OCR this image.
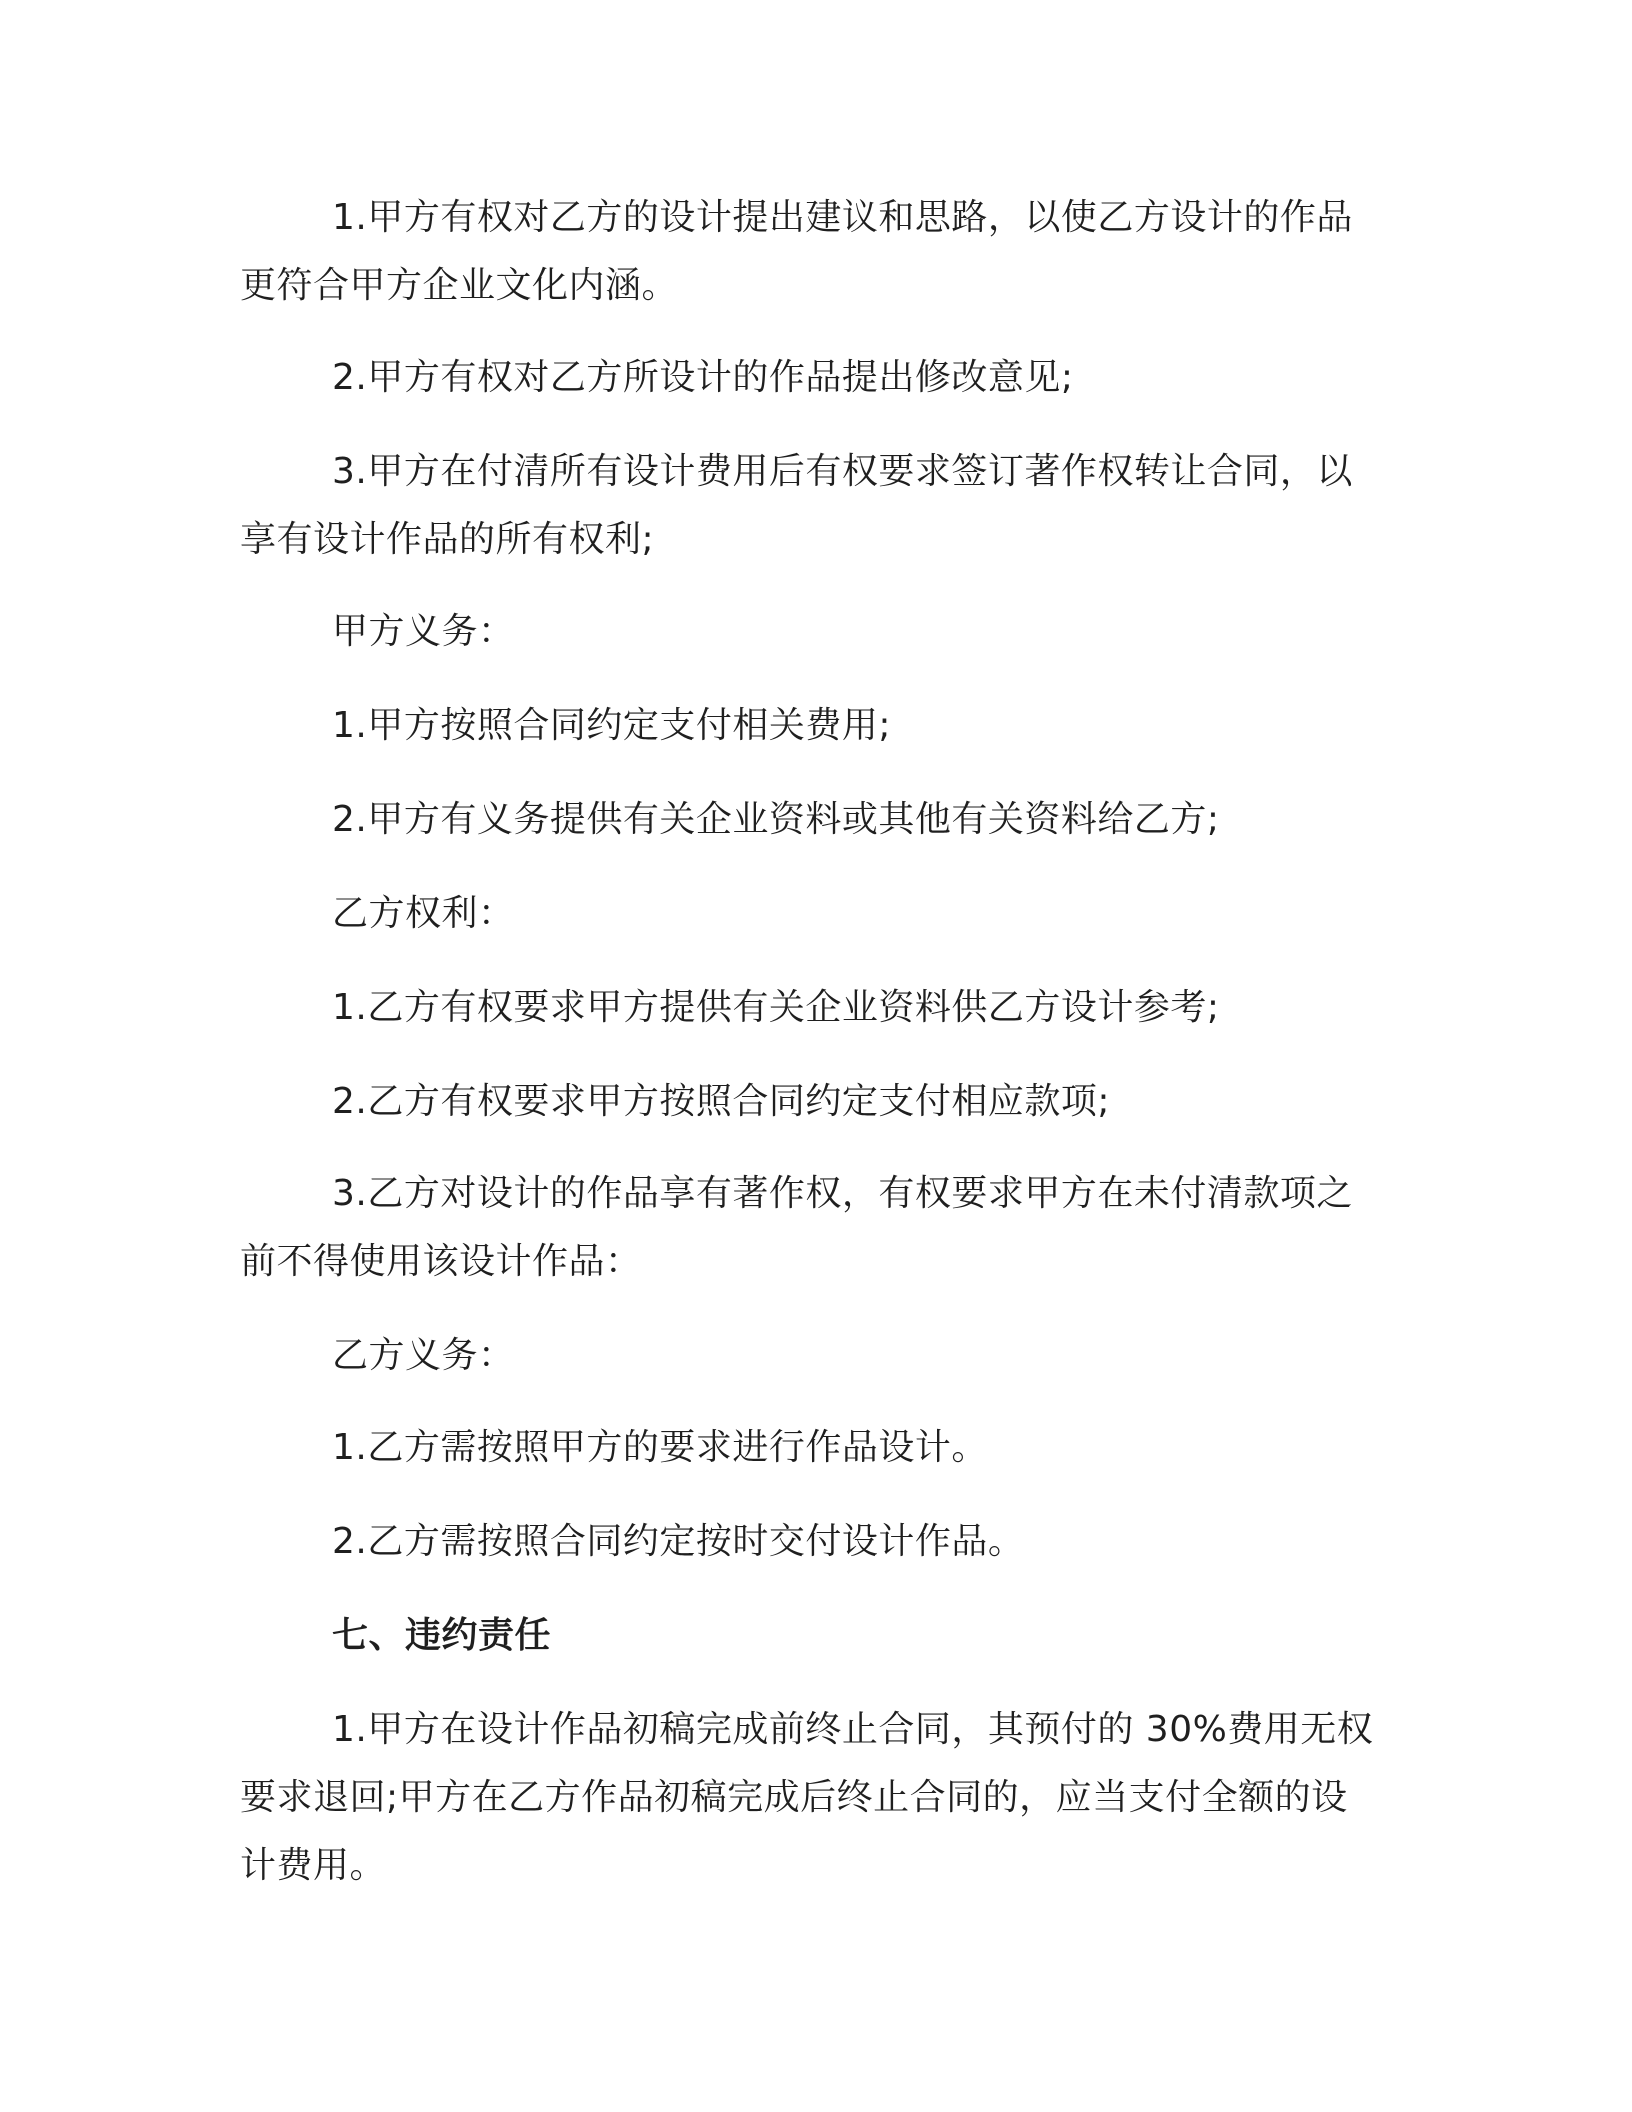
1.甲方有权对乙方的设计提出建议和思路，以使乙方设计的作品
更符合甲方企业文化内涵。
2.甲方有权对乙方所设计的作品提出修改意见;
3.甲方在付清所有设计费用后有权要求签订著作权转让合同，以
享有设计作品的所有权利;
甲方义务：
1.甲方按照合同约定支付相关费用;
2.甲方有义务提供有关企业资料或其他有关资料给乙方;
乙方权利：
1.乙方有权要求甲方提供有关企业资料供乙方设计参考;
2.乙方有权要求甲方按照合同约定支付相应款项;
3.乙方对设计的作品享有著作权，有权要求甲方在未付清款项之
前不得使用该设计作品：
乙方义务：
1.乙方需按照甲方的要求进行作品设计。
2.乙方需按照合同约定按时交付设计作品。
七、违约责任
1.甲方在设计作品初稿完成前终止合同，其预付的 30%费用无权
要求退回;甲方在乙方作品初稿完成后终止合同的，应当支付全额的设
计费用。
